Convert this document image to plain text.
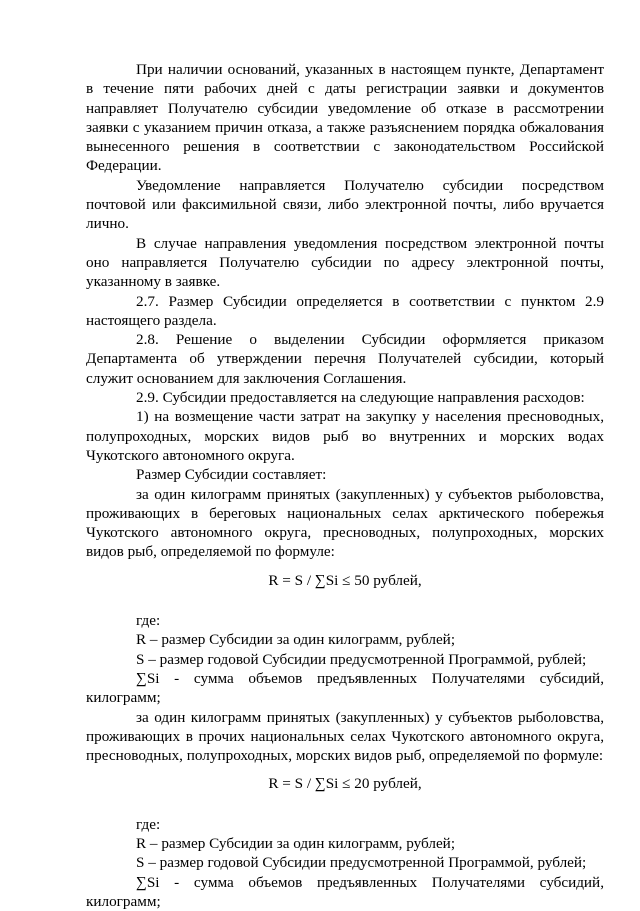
При наличии оснований, указанных в настоящем пункте, Департамент в течение пяти рабочих дней с даты регистрации заявки и документов направляет Получателю субсидии уведомление об отказе в рассмотрении заявки с указанием причин отказа, а также разъяснением порядка обжалования вынесенного решения в соответствии с законодательством Российской Федерации.

Уведомление направляется Получателю субсидии посредством почтовой или факсимильной связи, либо электронной почты, либо вручается лично.

В случае направления уведомления посредством электронной почты оно направляется Получателю субсидии по адресу электронной почты, указанному в заявке.

2.7. Размер Субсидии определяется в соответствии с пунктом 2.9 настоящего раздела.

2.8. Решение о выделении Субсидии оформляется приказом Департамента об утверждении перечня Получателей субсидии, который служит основанием для заключения Соглашения.

2.9. Субсидии предоставляется на следующие направления расходов:

1) на возмещение части затрат на закупку у населения пресноводных, полупроходных, морских видов рыб во внутренних и морских водах Чукотского автономного округа.

Размер Субсидии составляет:

за один килограмм принятых (закупленных) у субъектов рыболовства, проживающих в береговых национальных селах арктического побережья Чукотского автономного округа, пресноводных, полупроходных, морских видов рыб, определяемой по формуле:

R = S / ∑Si ≤ 50 рублей,

где:

R – размер Субсидии за один килограмм, рублей;

S – размер годовой Субсидии предусмотренной Программой, рублей;

∑Si - сумма объемов предъявленных Получателями субсидий, килограмм;

за один килограмм принятых (закупленных) у субъектов рыболовства, проживающих в прочих национальных селах Чукотского автономного округа, пресноводных, полупроходных, морских видов рыб, определяемой по формуле:

R = S / ∑Si ≤ 20 рублей,

где:

R – размер Субсидии за один килограмм, рублей;

S – размер годовой Субсидии предусмотренной Программой, рублей;

∑Si - сумма объемов предъявленных Получателями субсидий, килограмм;
